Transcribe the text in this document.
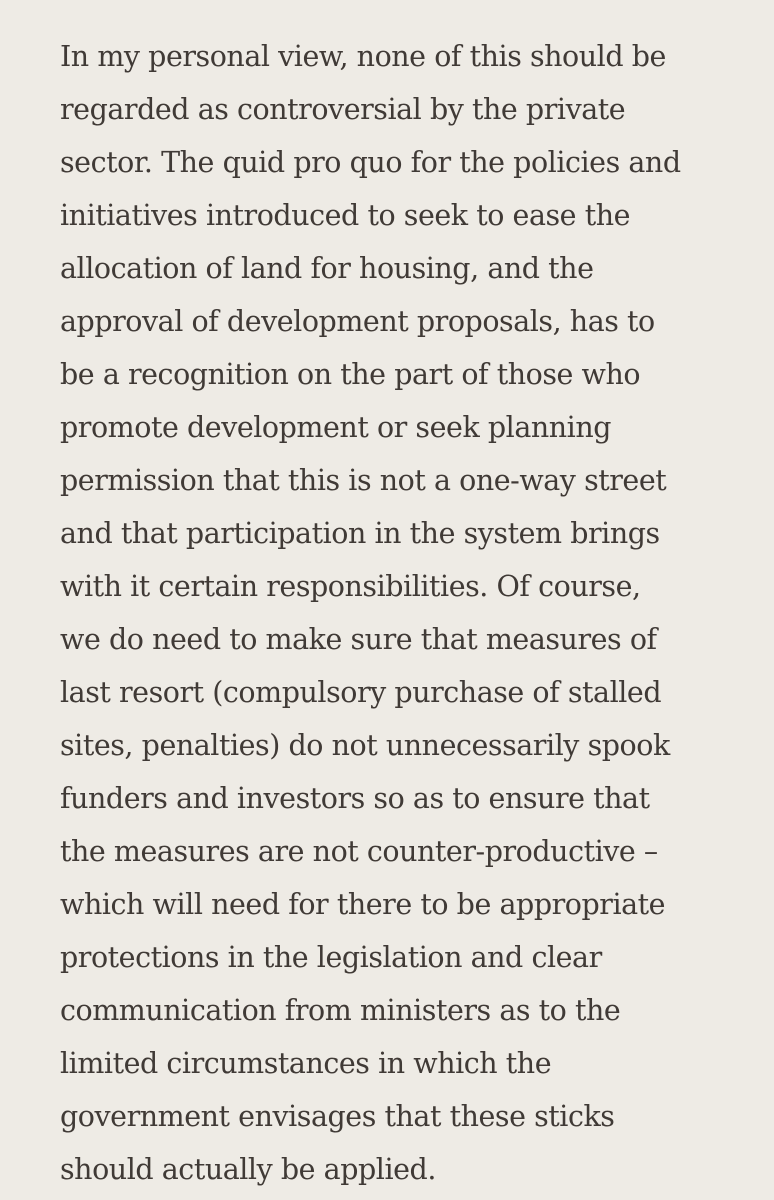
In my personal view, none of this should be
regarded as controversial by the private
sector. The quid pro quo for the policies and
initiatives introduced to seek to ease the
allocation of land for housing, and the
approval of development proposals, has to
be a recognition on the part of those who
promote development or seek planning
permission that this is not a one-way street
and that participation in the system brings
with it certain responsibilities. Of course,
we do need to make sure that measures of
last resort (compulsory purchase of stalled
sites, penalties) do not unnecessarily spook
funders and investors so as to ensure that
the measures are not counter-productive –
which will need for there to be appropriate
protections in the legislation and clear
communication from ministers as to the
limited circumstances in which the
government envisages that these sticks
should actually be applied.
